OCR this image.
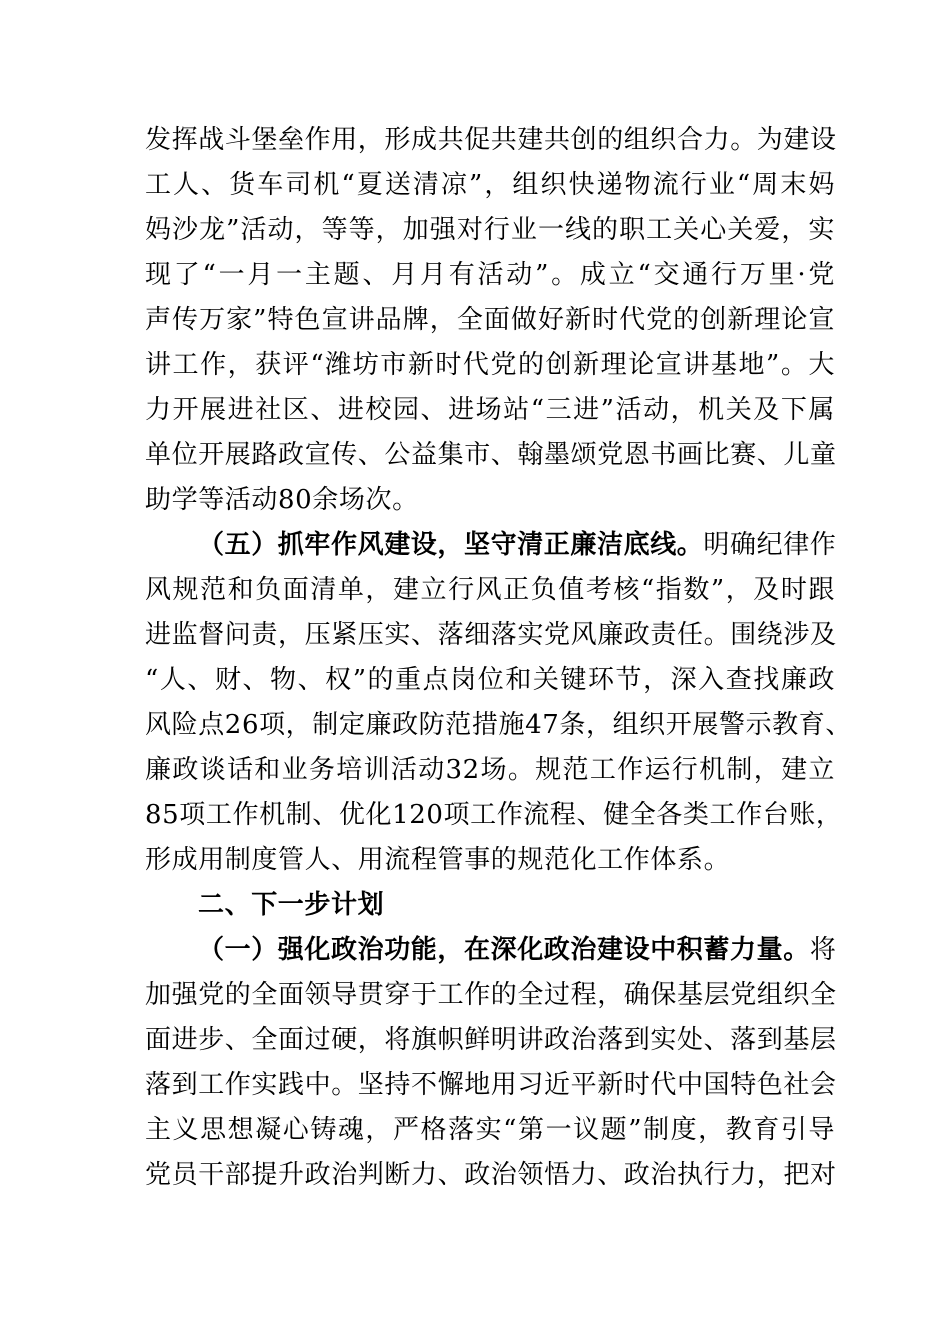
发挥战斗堡垒作用，形成共促共建共创的组织合力。为建设
工人、货车司机“夏送清凉”，组织快递物流行业“周末妈
妈沙龙”活动，等等，加强对行业一线的职工关心关爱，实
现了“一月一主题、月月有活动”。成立“交通行万里·党
声传万家”特色宣讲品牌，全面做好新时代党的创新理论宣
讲工作，获评“潍坊市新时代党的创新理论宣讲基地”。大
力开展进社区、进校园、进场站“三进”活动，机关及下属
单位开展路政宣传、公益集市、翰墨颂党恩书画比赛、儿童
助学等活动80余场次。
（五）抓牢作风建设，坚守清正廉洁底线。明确纪律作
风规范和负面清单，建立行风正负值考核“指数”，及时跟
进监督问责，压紧压实、落细落实党风廉政责任。围绕涉及
“人、财、物、权”的重点岗位和关键环节，深入查找廉政
风险点26项，制定廉政防范措施47条，组织开展警示教育、
廉政谈话和业务培训活动32场。规范工作运行机制，建立
85项工作机制、优化120项工作流程、健全各类工作台账，
形成用制度管人、用流程管事的规范化工作体系。
二、下一步计划
（一）强化政治功能，在深化政治建设中积蓄力量。将
加强党的全面领导贯穿于工作的全过程，确保基层党组织全
面进步、全面过硬，将旗帜鲜明讲政治落到实处、落到基层
落到工作实践中。坚持不懈地用习近平新时代中国特色社会
主义思想凝心铸魂，严格落实“第一议题”制度，教育引导
党员干部提升政治判断力、政治领悟力、政治执行力，把对
